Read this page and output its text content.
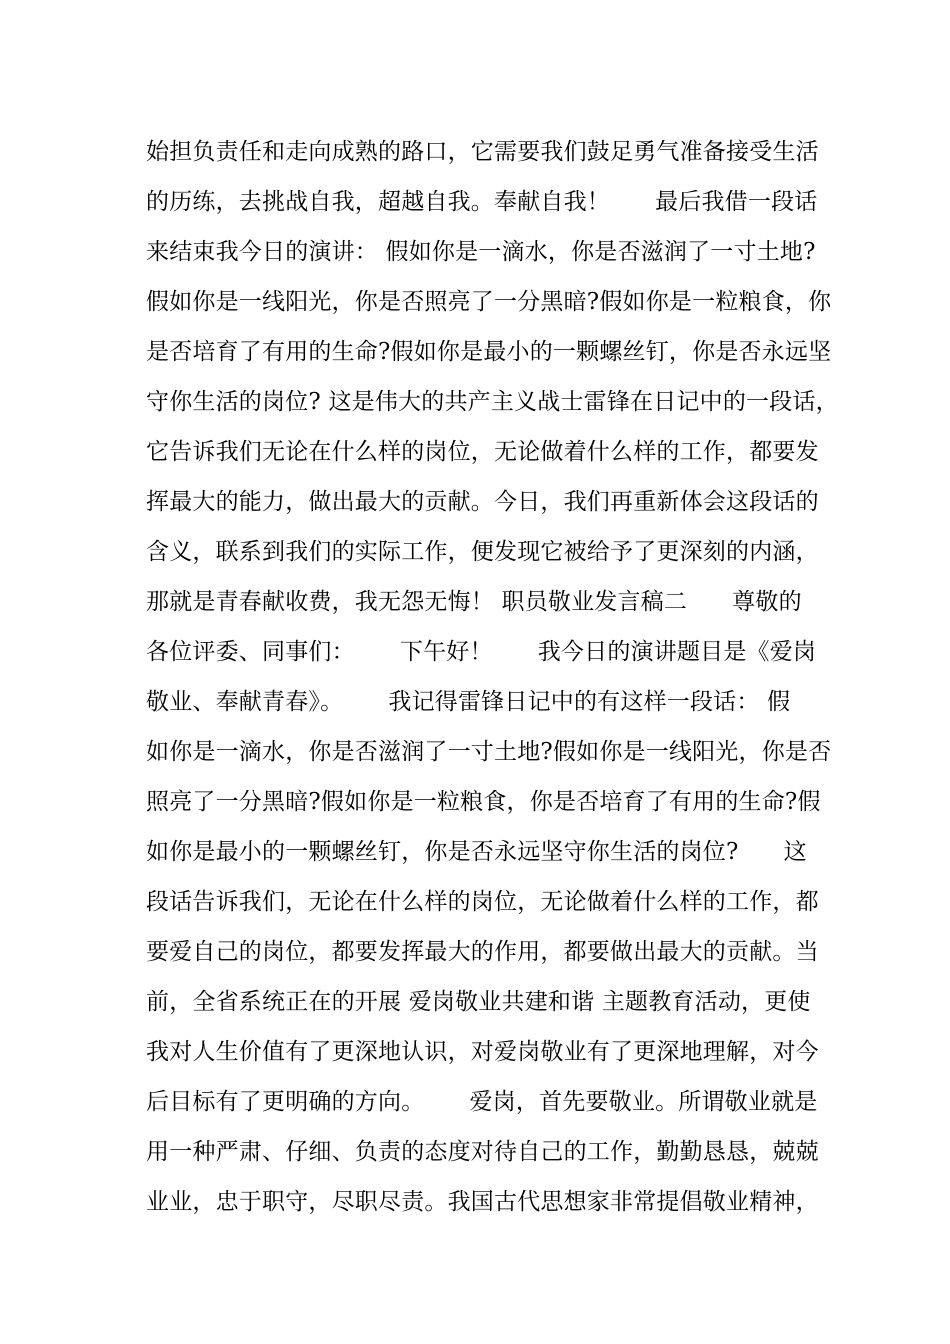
始担负责任和走向成熟的路口，它需要我们鼓足勇气准备接受生活
的历练，去挑战自我，超越自我。奉献自我！      最后我借一段话
来结束我今日的演讲： 假如你是一滴水，你是否滋润了一寸土地?
假如你是一线阳光，你是否照亮了一分黑暗?假如你是一粒粮食，你
是否培育了有用的生命?假如你是最小的一颗螺丝钉，你是否永远坚
守你生活的岗位? 这是伟大的共产主义战士雷锋在日记中的一段话，
它告诉我们无论在什么样的岗位，无论做着什么样的工作，都要发
挥最大的能力，做出最大的贡献。今日，我们再重新体会这段话的
含义，联系到我们的实际工作，便发现它被给予了更深刻的内涵，
那就是青春献收费，我无怨无悔！ 职员敬业发言稿二      尊敬的
各位评委、同事们：      下午好！      我今日的演讲题目是《爱岗
敬业、奉献青春》。      我记得雷锋日记中的有这样一段话： 假
如你是一滴水，你是否滋润了一寸土地?假如你是一线阳光，你是否
照亮了一分黑暗?假如你是一粒粮食，你是否培育了有用的生命?假
如你是最小的一颗螺丝钉，你是否永远坚守你生活的岗位?      这
段话告诉我们，无论在什么样的岗位，无论做着什么样的工作，都
要爱自己的岗位，都要发挥最大的作用，都要做出最大的贡献。当
前，全省系统正在的开展 爱岗敬业共建和谐 主题教育活动，更使
我对人生价值有了更深地认识，对爱岗敬业有了更深地理解，对今
后目标有了更明确的方向。      爱岗，首先要敬业。所谓敬业就是
用一种严肃、仔细、负责的态度对待自己的工作，勤勤恳恳，兢兢
业业，忠于职守，尽职尽责。我国古代思想家非常提倡敬业精神，
